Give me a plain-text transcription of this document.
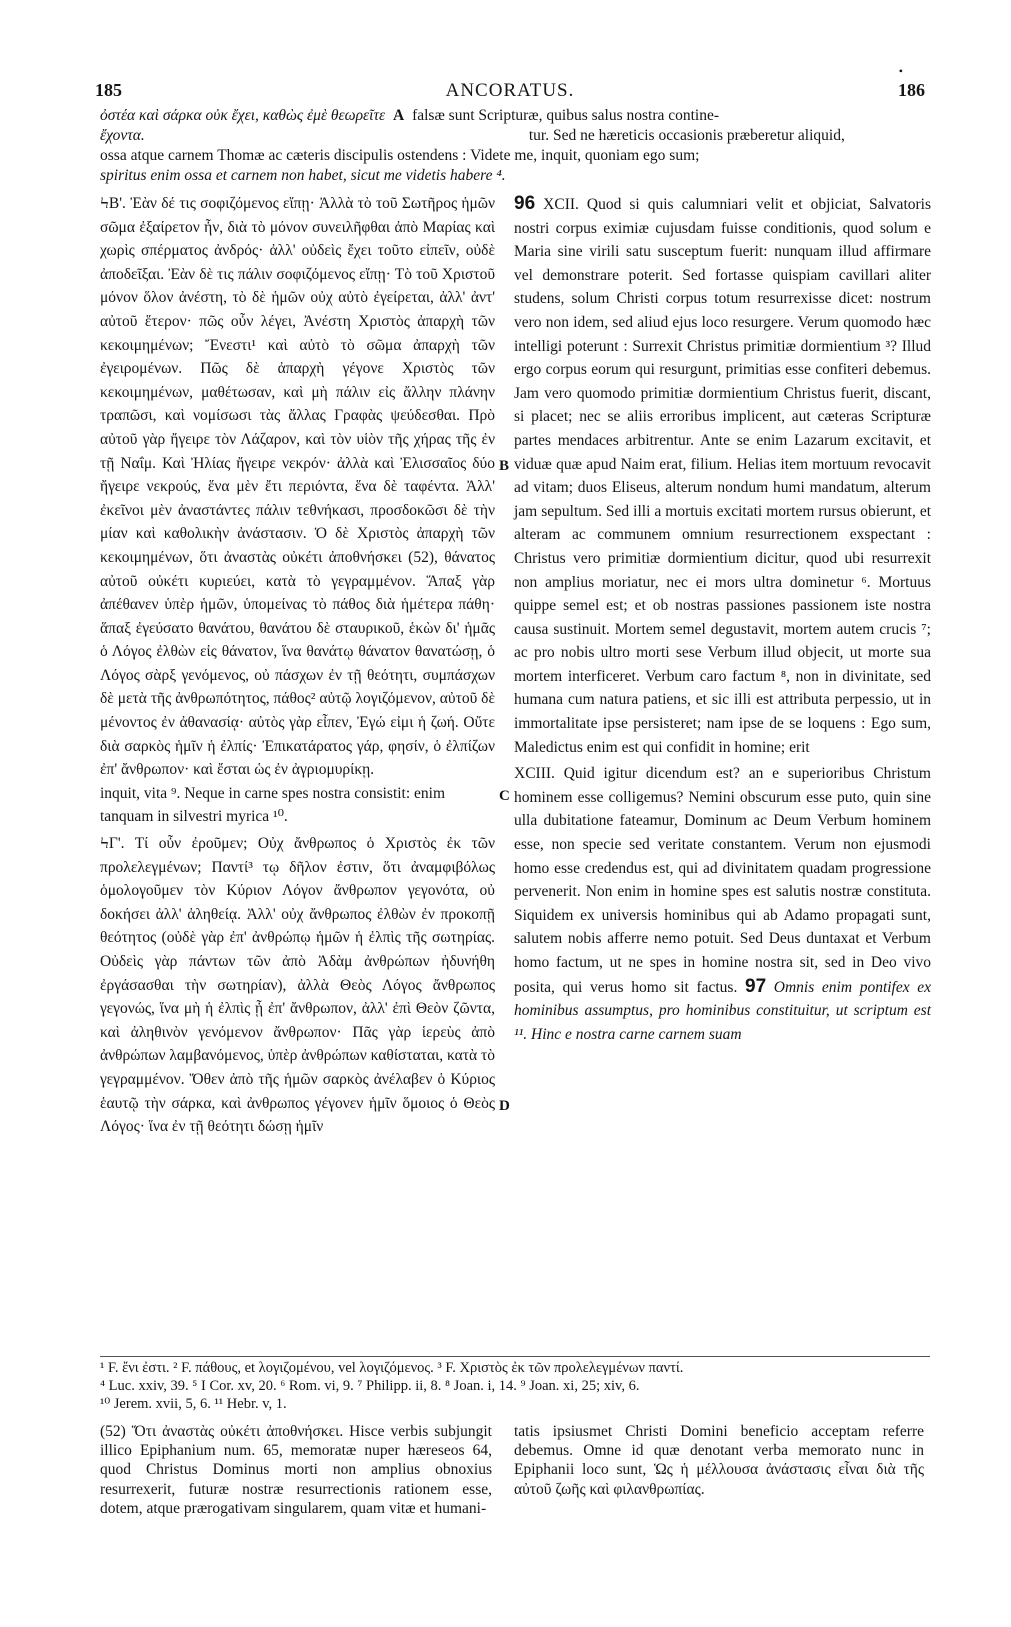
185	ANCORATUS.	186
•
ὀστέα καὶ σάρκα οὐκ ἔχει, καθὼς ἐμὲ θεωρεῖτε A falsæ sunt Scripturæ, quibus salus nostra contine-
ἔχοντα.	tur. Sed ne hæreticis occasionis præberetur aliquid,
ossa atque carnem Thomæ ac cæteris discipulis ostendens : Videte me, inquit, quoniam ego sum;
spiritus enim ossa et carnem non habet, sicut me videtis habere ⁴.

ϞΒ'. Ἐὰν δέ τις σοφιζόμενος εἴπῃ· Ἀλλὰ τὸ τοῦ Σωτῆρος ἡμῶν σῶμα ἐξαίρετον ἦν, διὰ τὸ μόνον συνειλῆφθαι ἀπὸ Μαρίας καὶ χωρὶς σπέρματος ἀνδρός· ἀλλ' οὐδεὶς ἔχει τοῦτο εἰπεῖν, οὐδὲ ἀποδεῖξαι. Ἐὰν δὲ τις πάλιν σοφιζόμενος εἴπῃ· Τὸ τοῦ Χριστοῦ μόνον ὅλον ἀνέστη, τὸ δὲ ἡμῶν οὐχ αὐτὸ ἐγείρεται, ἀλλ' ἀντ' αὐτοῦ ἕτερον· πῶς οὖν λέγει, Ἀνέστη Χριστὸς ἀπαρχὴ τῶν κεκοιμημένων; Ἔνεστι¹ καὶ αὐτὸ τὸ σῶμα ἀπαρχὴ τῶν ἐγειρομένων. Πῶς δὲ ἀπαρχὴ γέγονε Χριστὸς τῶν κεκοιμημένων, μαθέτωσαν, καὶ μὴ πάλιν εἰς ἄλλην πλάνην τραπῶσι, καὶ νομίσωσι τὰς ἄλλας Γραφὰς ψεύδεσθαι. Πρὸ αὐτοῦ γὰρ ἤγειρε τὸν Λάζαρον, καὶ τὸν υἱὸν τῆς χήρας τῆς ἐν τῇ Ναΐμ. Καὶ Ἠλίας ἤγειρε νεκρόν· ἀλλὰ καὶ Ἐλισσαῖος δύο ἤγειρε νεκρούς, ἕνα μὲν ἔτι περιόντα, ἕνα δὲ ταφέντα. Ἀλλ' ἐκεῖνοι μὲν ἀναστάντες πάλιν τεθνήκασι, προσδοκῶσι δὲ τὴν μίαν καὶ καθολικὴν ἀνάστασιν. Ὁ δὲ Χριστὸς ἀπαρχὴ τῶν κεκοιμημένων, ὅτι ἀναστὰς οὐκέτι ἀποθνήσκει (52), θάνατος αὐτοῦ οὐκέτι κυριεύει, κατὰ τὸ γεγραμμένον. Ἅπαξ γὰρ ἀπέθανεν ὑπὲρ ἡμῶν, ὑπομείνας τὸ πάθος διὰ ἡμέτερα πάθη· ἅπαξ ἐγεύσατο θανάτου, θανάτου δὲ σταυρικοῦ, ἑκὼν δι' ἡμᾶς ὁ Λόγος ἐλθὼν εἰς θάνατον, ἵνα θανάτῳ θάνατον θανατώσῃ, ὁ Λόγος σὰρξ γενόμενος, οὐ πάσχων ἐν τῇ θεότητι, συμπάσχων δὲ μετὰ τῆς ἀνθρωπότητος, πάθος² αὐτῷ λογιζόμενον, αὐτοῦ δὲ μένοντος ἐν ἀθανασίᾳ· αὐτὸς γὰρ εἶπεν, Ἐγώ εἰμι ἡ ζωή. Οὔτε διὰ σαρκὸς ἡμῖν ἡ ἐλπίς· Ἐπικατάρατος γάρ, φησίν, ὁ ἐλπίζων ἐπ' ἄνθρωπον· καὶ ἔσται ὡς ἐν ἀγριομυρίκῃ.

inquit, vita ⁹. Neque in carne spes nostra consistit: enim tanquam in silvestri myrica ¹⁰.

ϞΓ'. Τί οὖν ἐροῦμεν; Οὐχ ἄνθρωπος ὁ Χριστὸς ἐκ τῶν προλελεγμένων; Παντί³ τῳ δῆλον ἐστιν, ὅτι ἀναμφιβόλως ὁμολογοῦμεν τὸν Κύριον Λόγον ἄνθρωπον γεγονότα, οὐ δοκήσει ἀλλ' ἀληθείᾳ. Ἀλλ' οὐχ ἄνθρωπος ἐλθὼν ἐν προκοπῇ θεότητος (οὐδὲ γὰρ ἐπ' ἀνθρώπῳ ἡμῶν ἡ ἐλπὶς τῆς σωτηρίας. Οὐδεὶς γὰρ πάντων τῶν ἀπὸ Ἀδὰμ ἀνθρώπων ἠδυνήθη ἐργάσασθαι τὴν σωτηρίαν), ἀλλὰ Θεὸς Λόγος ἄνθρωπος γεγονώς, ἵνα μὴ ἡ ἐλπὶς ᾖ ἐπ' ἄνθρωπον, ἀλλ' ἐπὶ Θεὸν ζῶντα, καὶ ἀληθινὸν γενόμενον ἄνθρωπον· Πᾶς γὰρ ἱερεὺς ἀπὸ ἀνθρώπων λαμβανόμενος, ὑπὲρ ἀνθρώπων καθίσταται, κατὰ τὸ γεγραμμένον. Ὅθεν ἀπὸ τῆς ἡμῶν σαρκὸς ἀνέλαβεν ὁ Κύριος ἑαυτῷ τὴν σάρκα, καὶ ἀνθρωπος γέγονεν ἡμῖν ὅμοιος ὁ Θεὸς Λόγος· ἵνα ἐν τῇ θεότητι δώσῃ ἡμῖν

96 XCII. Quod si quis calumniari velit et objiciat, Salvatoris nostri corpus eximiæ cujusdam fuisse conditionis, quod solum e Maria sine virili satu susceptum fuerit: nunquam illud affirmare vel demonstrare poterit. Sed fortasse quispiam cavillari aliter studens, solum Christi corpus totum resurrexisse dicet: nostrum vero non idem, sed aliud ejus loco resurgere. Verum quomodo hæc intelligi poterunt : Surrexit Christus primitiæ dormientium ³? Illud ergo corpus eorum qui resurgunt, primitias esse confiteri debemus. Jam vero quomodo primitiæ dormientium Christus fuerit, discant, si placet; nec se aliis erroribus implicent, aut cæteras Scripturæ partes mendaces arbitrentur. Ante se enim Lazarum excitavit, et viduæ quæ apud Naim erat, filium. Helias item mortuum revocavit ad vitam; duos Eliseus, alterum nondum humi mandatum, alterum jam sepultum. Sed illi a mortuis excitati mortem rursus obierunt, et alteram ac communem omnium resurrectionem exspectant : Christus vero primitiæ dormientium dicitur, quod ubi resurrexit non amplius moriatur, nec ei mors ultra dominetur ⁶. Mortuus quippe semel est; et ob nostras passiones passionem iste nostra causa sustinuit. Mortem semel degustavit, mortem autem crucis ⁷; ac pro nobis ultro morti sese Verbum illud objecit, ut morte sua mortem interficeret. Verbum caro factum ⁸, non in divinitate, sed humana cum natura patiens, et sic illi est attributa perpessio, ut in immortalitate ipse persisteret; nam ipse de se loquens : Ego sum, Maledictus enim est qui confidit in homine; erit

XCIII. Quid igitur dicendum est? an e superioribus Christum hominem esse colligemus? Nemini obscurum esse puto, quin sine ulla dubitatione fateamur, Dominum ac Deum Verbum hominem esse, non specie sed veritate constantem. Verum non ejusmodi homo esse credendus est, qui ad divinitatem quadam progressione pervenerit. Non enim in homine spes est salutis nostræ constituta. Siquidem ex universis hominibus qui ab Adamo propagati sunt, salutem nobis afferre nemo potuit. Sed Deus duntaxat et Verbum homo factum, ut ne spes in homine nostra sit, sed in Deo vivo posita, qui verus homo sit factus. 97 Omnis enim pontifex ex hominibus assumptus, pro hominibus constituitur, ut scriptum est ¹¹. Hinc e nostra carne carnem suam

B
C
D
¹ F. ἔνι ἐστι. ² F. πάθους, et λογιζομένου, vel λογιζόμενος. ³ F. Χριστὸς ἐκ τῶν προλελεγμένων παντί.
⁴ Luc. xxiv, 39. ⁵ I Cor. xv, 20. ⁶ Rom. vi, 9. ⁷ Philipp. ii, 8. ⁸ Joan. i, 14. ⁹ Joan. xi, 25; xiv, 6.
¹⁰ Jerem. xvii, 5, 6. ¹¹ Hebr. v, 1.
(52) Ὅτι ἀναστὰς οὐκέτι ἀποθνήσκει. Hisce verbis subjungit illico Epiphanium num. 65, memoratæ nuper hæreseos 64, quod Christus Dominus morti non amplius obnoxius resurrexerit, futuræ nostræ resurrectionis rationem esse, dotem, atque prærogativam singularem, quam vitæ et humani-
tatis ipsiusmet Christi Domini beneficio acceptam referre debemus. Omne id quæ denotant verba memorato nunc in Epiphanii loco sunt, Ὡς ἡ μέλλουσα ἀνάστασις εἶναι διὰ τῆς αὐτοῦ ζωῆς καὶ φιλανθρωπίας.
